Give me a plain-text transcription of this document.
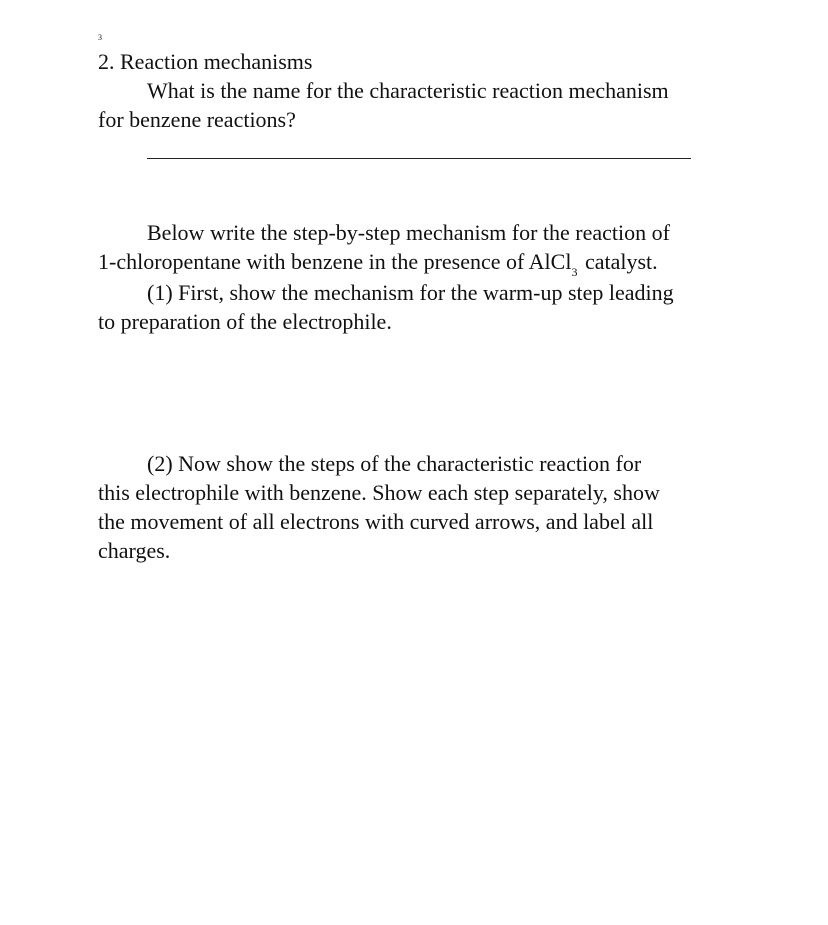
3
2. Reaction mechanisms
What is the name for the characteristic reaction mechanism
for benzene reactions?
Below write the step-by-step mechanism for the reaction of
1-chloropentane with benzene in the presence of AlCl$_3$ catalyst.
(1) First, show the mechanism for the warm-up step leading
to preparation of the electrophile.
(2) Now show the steps of the characteristic reaction for
this electrophile with benzene. Show each step separately, show
the movement of all electrons with curved arrows, and label all
charges.
